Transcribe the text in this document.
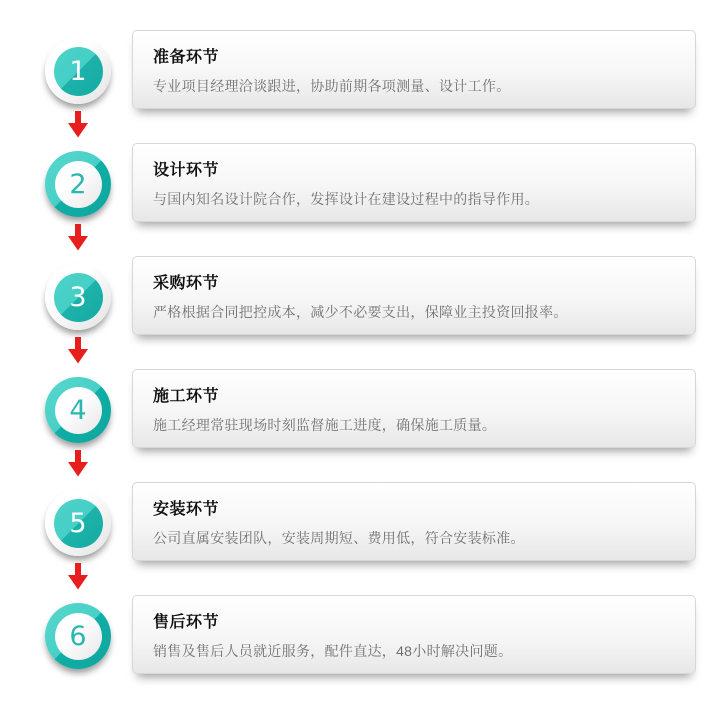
1	准备环节
专业项目经理洽谈跟进，协助前期各项测量、设计工作。
2	设计环节
与国内知名设计院合作，发挥设计在建设过程中的指导作用。
3	采购环节
严格根据合同把控成本，减少不必要支出，保障业主投资回报率。
4	施工环节
施工经理常驻现场时刻监督施工进度，确保施工质量。
5	安装环节
公司直属安装团队，安装周期短、费用低，符合安装标准。
6	售后环节
销售及售后人员就近服务，配件直达，48小时解决问题。
